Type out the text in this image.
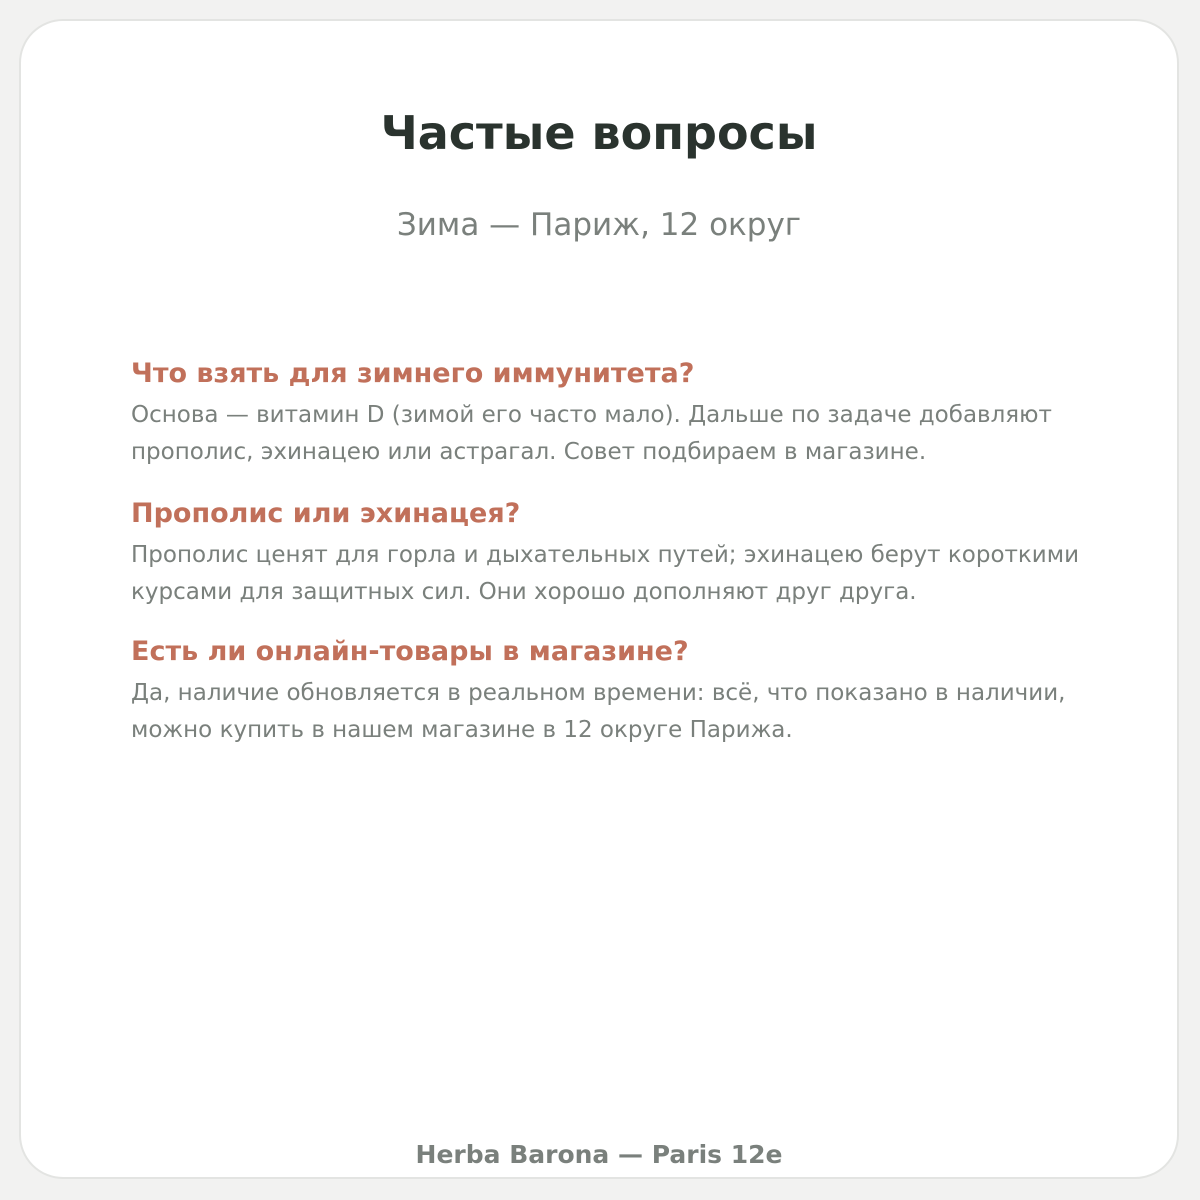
Частые вопросы

Зима — Париж, 12 округ

Что взять для зимнего иммунитета?

Основа — витамин D (зимой его часто мало). Дальше по задаче добавляют прополис, эхинацею или астрагал. Совет подбираем в магазине.

Прополис или эхинацея?

Прополис ценят для горла и дыхательных путей; эхинацею берут короткими курсами для защитных сил. Они хорошо дополняют друг друга.

Есть ли онлайн-товары в магазине?

Да, наличие обновляется в реальном времени: всё, что показано в наличии, можно купить в нашем магазине в 12 округе Парижа.

Herba Barona — Paris 12e
